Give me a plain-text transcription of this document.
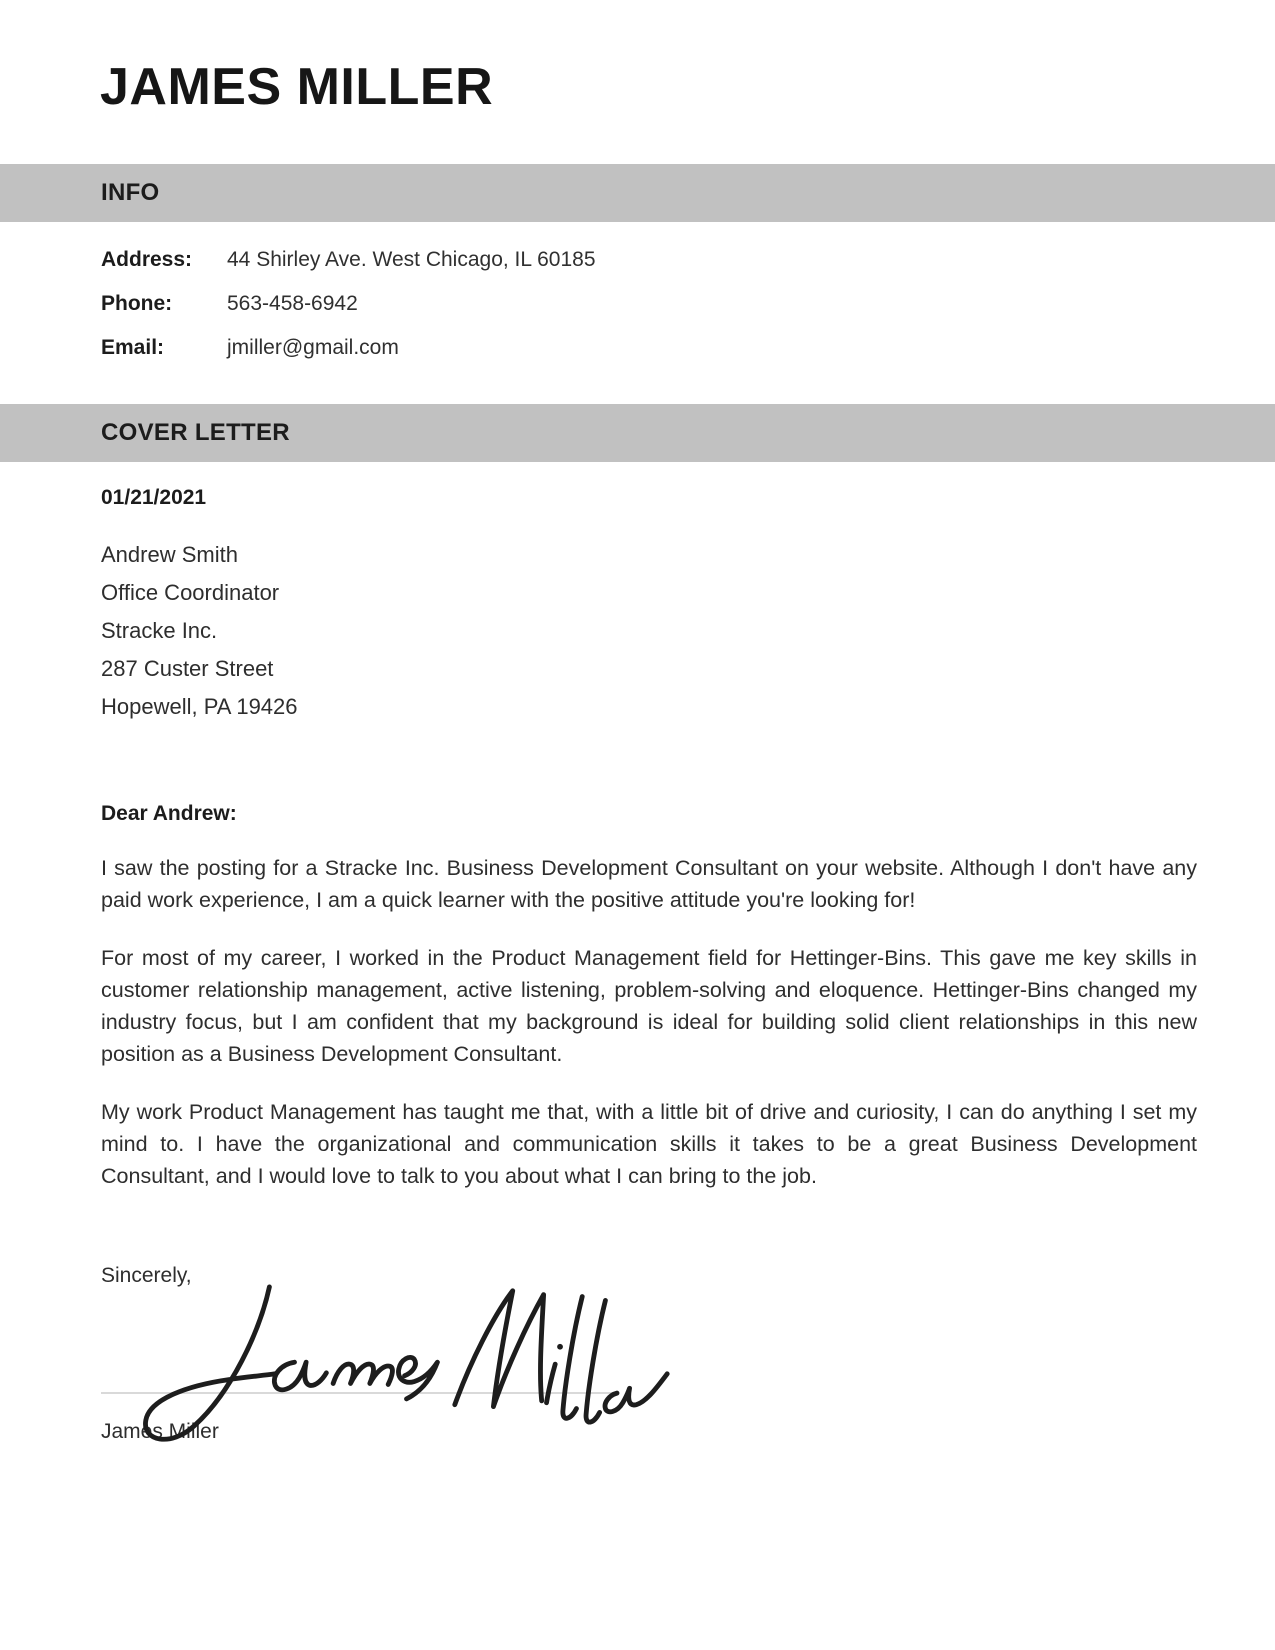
JAMES MILLER
INFO
Address:	44 Shirley Ave. West Chicago, IL 60185
Phone:	563-458-6942
Email:	jmiller@gmail.com
COVER LETTER
01/21/2021
Andrew Smith
Office Coordinator
Stracke Inc.
287 Custer Street
Hopewell, PA 19426
Dear Andrew:

I saw the posting for a Stracke Inc. Business Development Consultant on your website. Although I don't have any paid work experience, I am a quick learner with the positive attitude you're looking for!

For most of my career, I worked in the Product Management field for Hettinger-Bins. This gave me key skills in customer relationship management, active listening, problem-solving and eloquence. Hettinger-Bins changed my industry focus, but I am confident that my background is ideal for building solid client relationships in this new position as a Business Development Consultant.

My work Product Management has taught me that, with a little bit of drive and curiosity, I can do anything I set my mind to. I have the organizational and communication skills it takes to be a great Business Development Consultant, and I would love to talk to you about what I can bring to the job.

Sincerely,
James Miller
